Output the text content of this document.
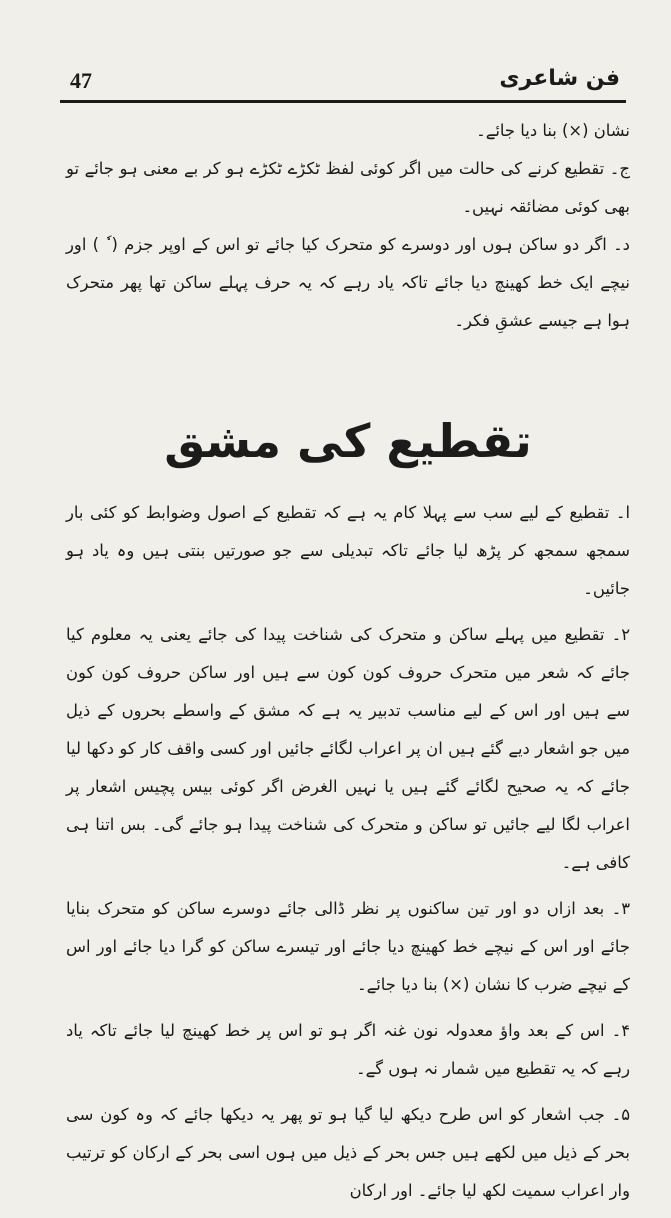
47	فن شاعری

نشان (×) بنا دیا جائے۔

ج۔ تقطیع کرنے کی حالت میں اگر کوئی لفظ ٹکڑے ٹکڑے ہو کر بے معنی ہو جائے تو بھی کوئی مضائقہ نہیں۔

د۔ اگر دو ساکن ہوں اور دوسرے کو متحرک کیا جائے تو اس کے اوپر جزم ( ٗ ) اور نیچے ایک خط کھینچ دیا جائے تاکہ یاد رہے کہ یہ حرف پہلے ساکن تھا پھر متحرک ہوا ہے جیسے عشقِ فکر۔

تقطیع کی مشق

ا۔ تقطیع کے لیے سب سے پہلا کام یہ ہے کہ تقطیع کے اصول وضوابط کو کئی بار سمجھ سمجھ کر پڑھ لیا جائے تاکہ تبدیلی سے جو صورتیں بنتی ہیں وہ یاد ہو جائیں۔

۲۔ تقطیع میں پہلے ساکن و متحرک کی شناخت پیدا کی جائے یعنی یہ معلوم کیا جائے کہ شعر میں متحرک حروف کون کون سے ہیں اور ساکن حروف کون کون سے ہیں اور اس کے لیے مناسب تدبیر یہ ہے کہ مشق کے واسطے بحروں کے ذیل میں جو اشعار دیے گئے ہیں ان پر اعراب لگائے جائیں اور کسی واقف کار کو دکھا لیا جائے کہ یہ صحیح لگائے گئے ہیں یا نہیں الغرض اگر کوئی بیس پچیس اشعار پر اعراب لگا لیے جائیں تو ساکن و متحرک کی شناخت پیدا ہو جائے گی۔ بس اتنا ہی کافی ہے۔

۳۔ بعد ازاں دو اور تین ساکنوں پر نظر ڈالی جائے دوسرے ساکن کو متحرک بنایا جائے اور اس کے نیچے خط کھینچ دیا جائے اور تیسرے ساکن کو گرا دیا جائے اور اس کے نیچے ضرب کا نشان (×) بنا دیا جائے۔

۴۔ اس کے بعد واؤ معدولہ نون غنہ اگر ہو تو اس پر خط کھینچ لیا جائے تاکہ یاد رہے کہ یہ تقطیع میں شمار نہ ہوں گے۔

۵۔ جب اشعار کو اس طرح دیکھ لیا گیا ہو تو پھر یہ دیکھا جائے کہ وہ کون سی بحر کے ذیل میں لکھے ہیں جس بحر کے ذیل میں ہوں اسی بحر کے ارکان کو ترتیب وار اعراب سمیت لکھ لیا جائے۔ اور ارکان
